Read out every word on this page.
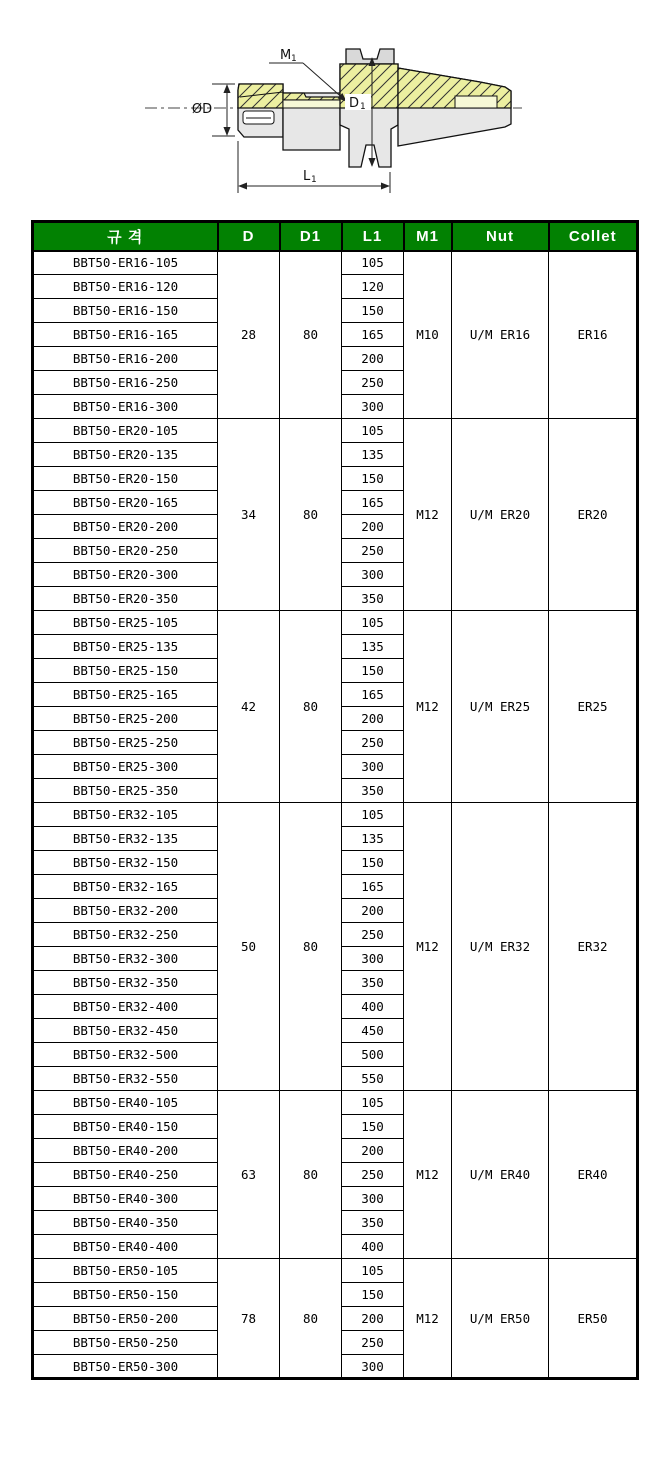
ØD
M1
D1
L1
규 격	D	D1	L1	M1	Nut	Collet
BBT50-ER16-105	28	80	105	M10	U/M ER16	ER16
BBT50-ER16-120			120			
BBT50-ER16-150			150			
BBT50-ER16-165			165			
BBT50-ER16-200			200			
BBT50-ER16-250			250			
BBT50-ER16-300			300			
BBT50-ER20-105	34	80	105	M12	U/M ER20	ER20
BBT50-ER20-135			135			
BBT50-ER20-150			150			
BBT50-ER20-165			165			
BBT50-ER20-200			200			
BBT50-ER20-250			250			
BBT50-ER20-300			300			
BBT50-ER20-350			350			
BBT50-ER25-105	42	80	105	M12	U/M ER25	ER25
BBT50-ER25-135			135			
BBT50-ER25-150			150			
BBT50-ER25-165			165			
BBT50-ER25-200			200			
BBT50-ER25-250			250			
BBT50-ER25-300			300			
BBT50-ER25-350			350			
BBT50-ER32-105	50	80	105	M12	U/M ER32	ER32
BBT50-ER32-135			135			
BBT50-ER32-150			150			
BBT50-ER32-165			165			
BBT50-ER32-200			200			
BBT50-ER32-250			250			
BBT50-ER32-300			300			
BBT50-ER32-350			350			
BBT50-ER32-400			400			
BBT50-ER32-450			450			
BBT50-ER32-500			500			
BBT50-ER32-550			550			
BBT50-ER40-105	63	80	105	M12	U/M ER40	ER40
BBT50-ER40-150			150			
BBT50-ER40-200			200			
BBT50-ER40-250			250			
BBT50-ER40-300			300			
BBT50-ER40-350			350			
BBT50-ER40-400			400			
BBT50-ER50-105	78	80	105	M12	U/M ER50	ER50
BBT50-ER50-150			150			
BBT50-ER50-200			200			
BBT50-ER50-250			250			
BBT50-ER50-300			300			
